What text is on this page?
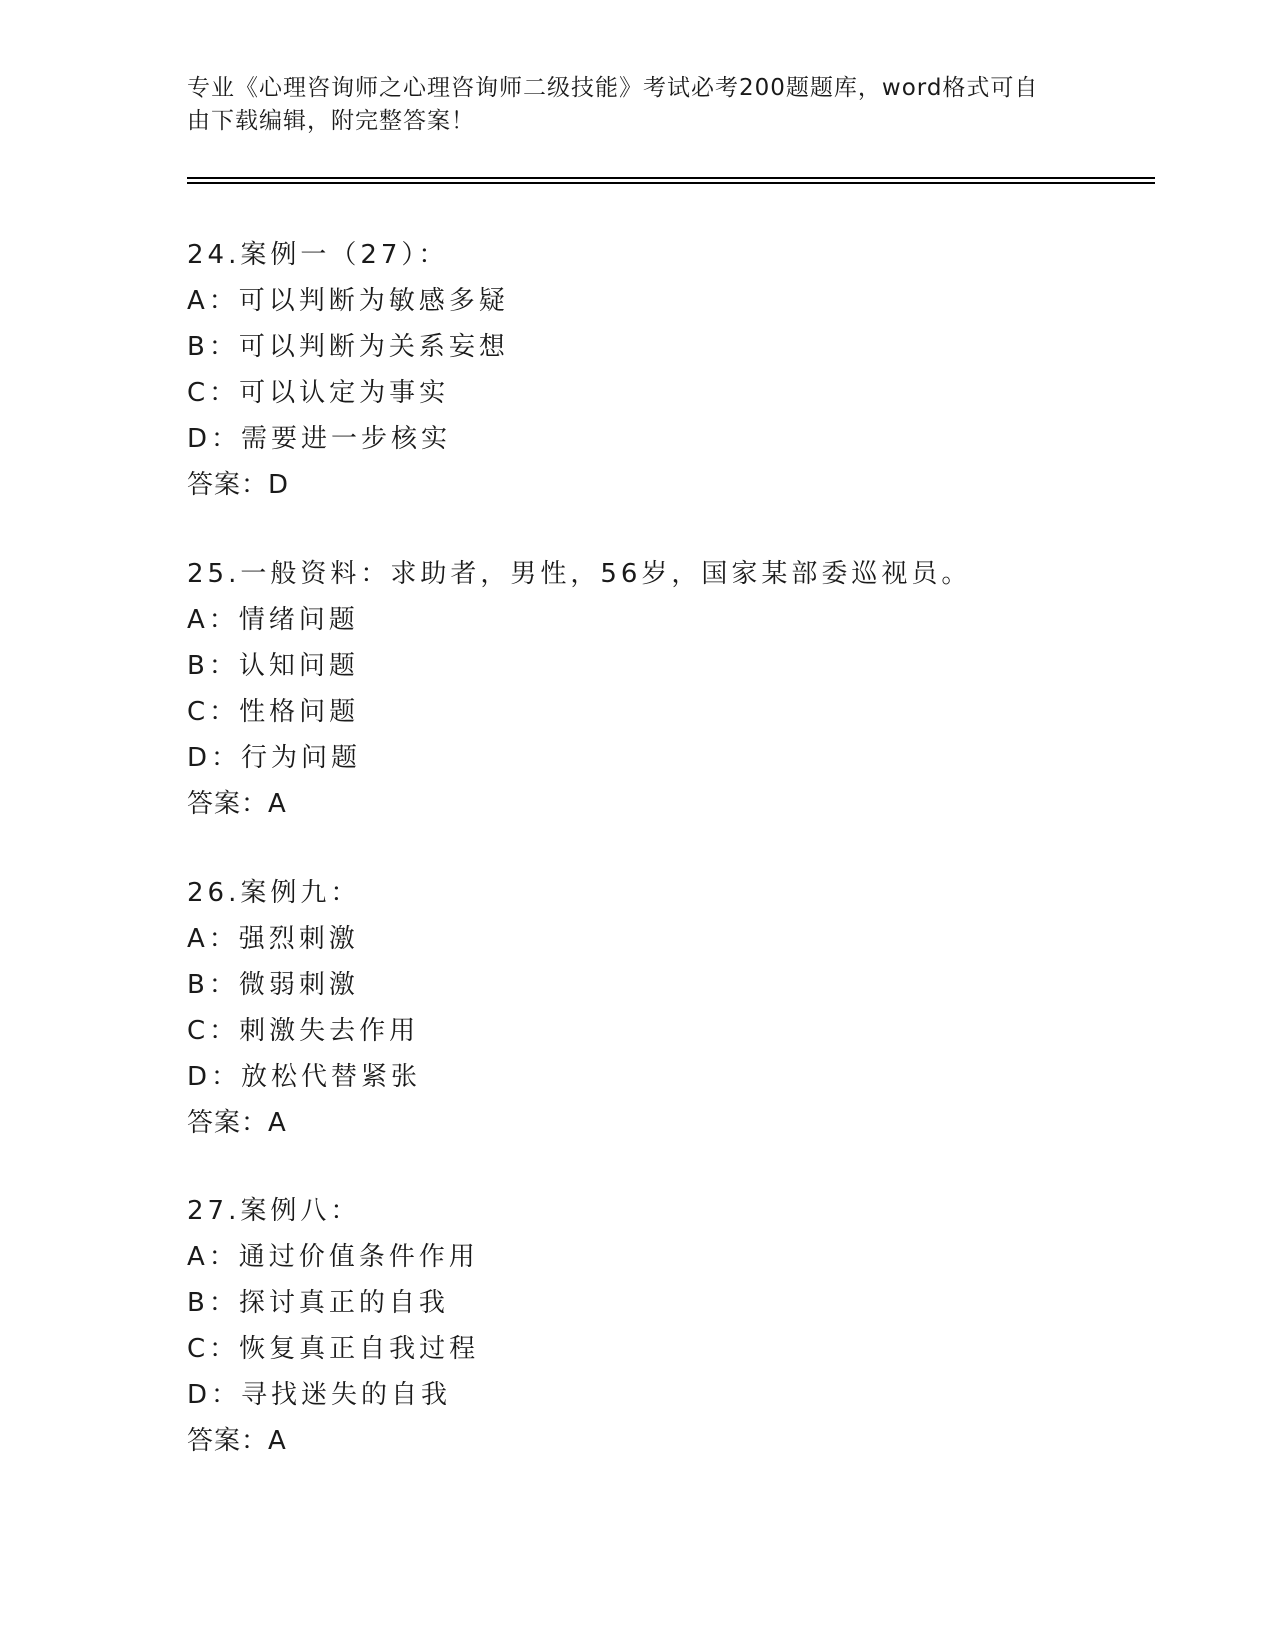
专业《心理咨询师之心理咨询师二级技能》考试必考200题题库，word格式可自
由下载编辑，附完整答案！
24.案例一（27）：
A：可以判断为敏感多疑
B：可以判断为关系妄想
C：可以认定为事实
D：需要进一步核实
答案：D
25.一般资料：求助者，男性，56岁，国家某部委巡视员。
A：情绪问题
B：认知问题
C：性格问题
D：行为问题
答案：A
26.案例九：
A：强烈刺激
B：微弱刺激
C：刺激失去作用
D：放松代替紧张
答案：A
27.案例八：
A：通过价值条件作用
B：探讨真正的自我
C：恢复真正自我过程
D：寻找迷失的自我
答案：A
